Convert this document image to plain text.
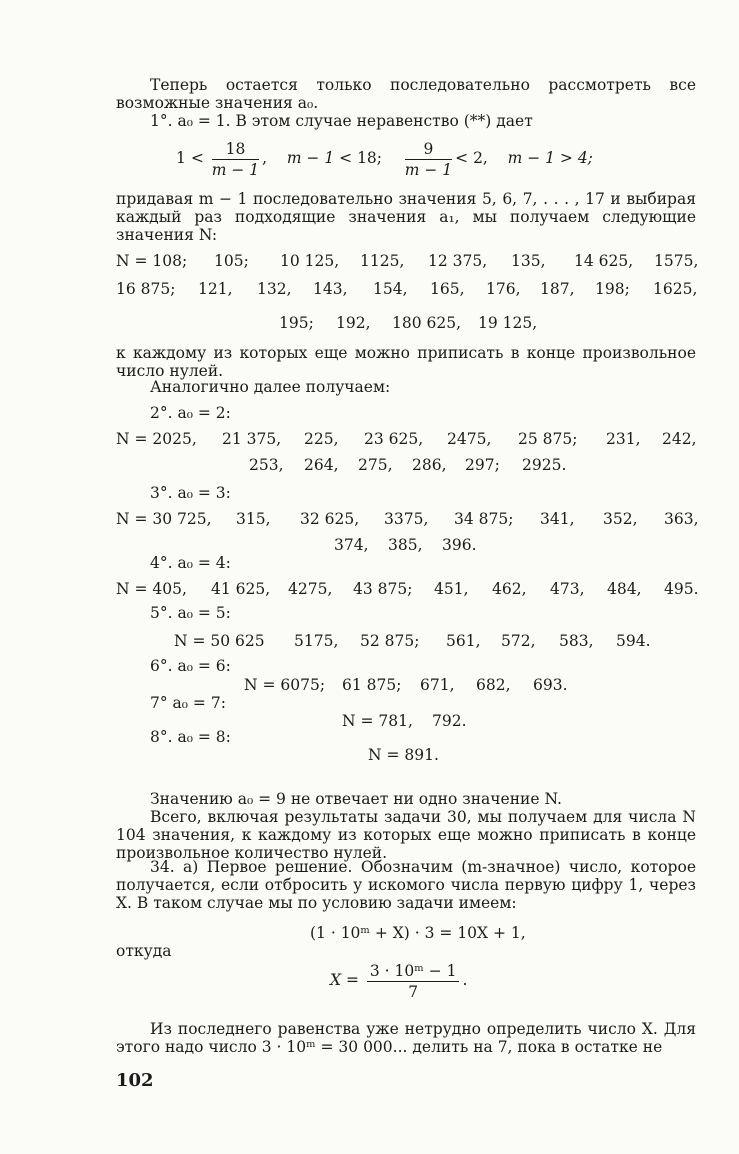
Теперь остается только последовательно рассмотреть все возможные значения a₀.
1°. a₀ = 1. В этом случае неравенство (**) дает
$1 < \frac{18}{m - 1}$ , m − 1 < 18; $\frac{9}{m - 1} < 2$, m − 1 > 4;
придавая m − 1 последовательно значения 5, 6, 7, . . . , 17 и выбирая каждый раз подходящие значения a₁, мы получаем следующие значения N:
N = 108; 105; 10 125, 1125, 12 375, 135, 14 625, 1575,
16 875; 121, 132, 143, 154, 165, 176, 187, 198; 1625,
195; 192, 180 625, 19 125,
к каждому из которых еще можно приписать в конце произвольное число нулей.
Аналогично далее получаем:
2°. a₀ = 2:
N = 2025, 21 375, 225, 23 625, 2475, 25 875; 231, 242,
253, 264, 275, 286, 297; 2925.
3°. a₀ = 3:
N = 30 725, 315, 32 625, 3375, 34 875; 341, 352, 363,
374, 385, 396.
4°. a₀ = 4:
N = 405, 41 625, 4275, 43 875; 451, 462, 473, 484, 495.
5°. a₀ = 5:
N = 50 625 5175, 52 875; 561, 572, 583, 594.
6°. a₀ = 6:
N = 6075; 61 875; 671, 682, 693.
7° a₀ = 7:
N = 781, 792.
8°. a₀ = 8:
N = 891.
Значению a₀ = 9 не отвечает ни одно значение N.
Всего, включая результаты задачи 30, мы получаем для числа N 104 значения, к каждому из которых еще можно приписать в конце произвольное количество нулей.
34. а) Первое решение. Обозначим (m-значное) число, которое получается, если отбросить у искомого числа первую цифру 1, через X. В таком случае мы по условию задачи имеем:
(1 · 10ᵐ + X) · 3 = 10X + 1,
откуда
$X = \frac{\text{3 · 10ᵐ − 1}}{7}$ .
Из последнего равенства уже нетрудно определить число X. Для этого надо число 3 · 10ᵐ = 30 000... делить на 7, пока в остатке не
102
